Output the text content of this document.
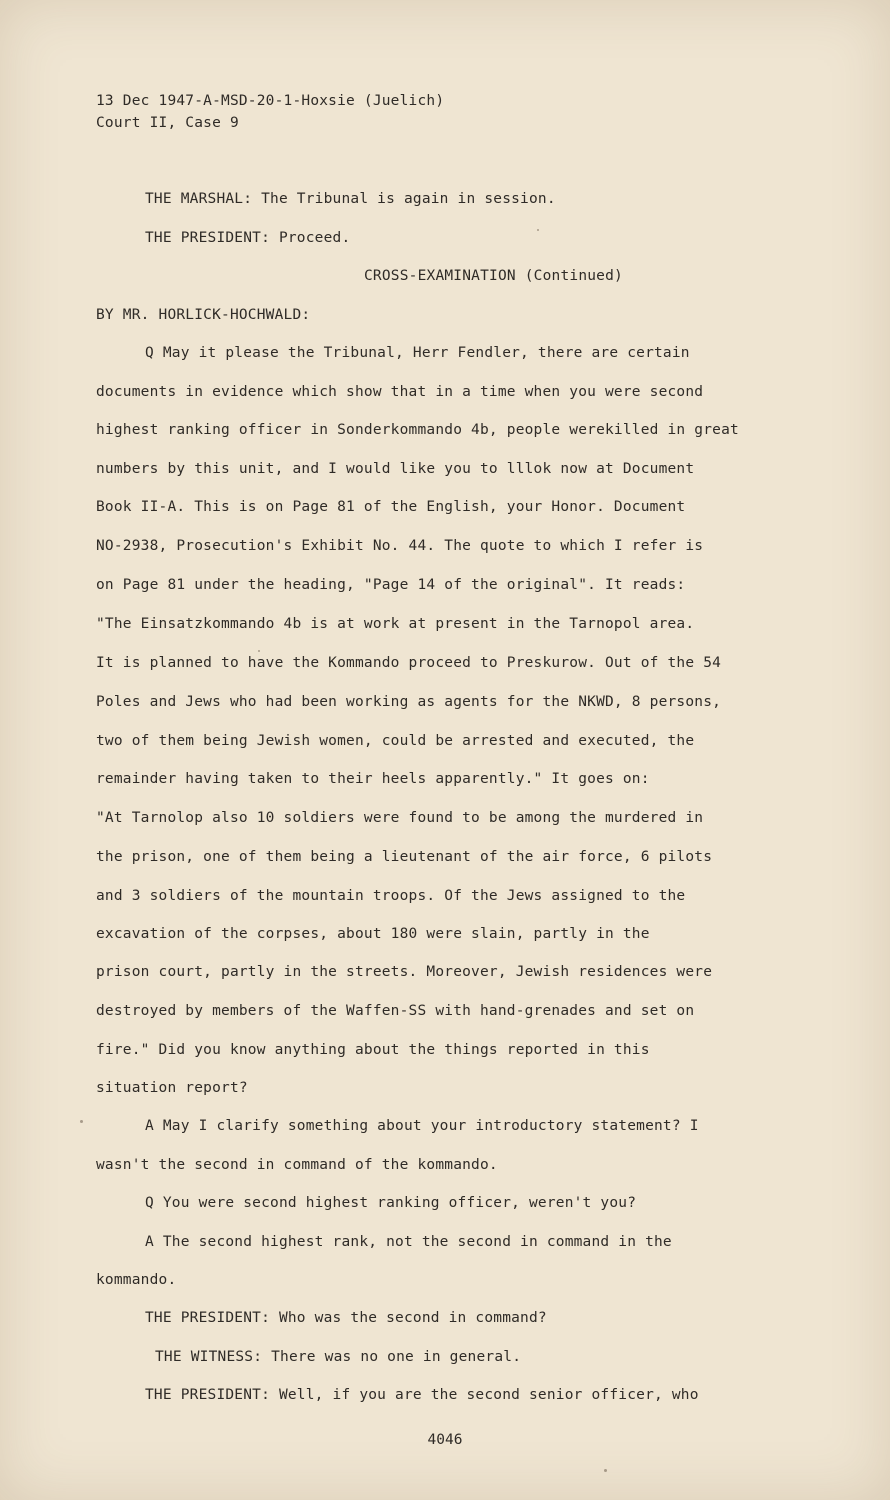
13 Dec 1947-A-MSD-20-1-Hoxsie (Juelich)
Court II, Case 9
THE MARSHAL: The Tribunal is again in session.
THE PRESIDENT: Proceed.
CROSS-EXAMINATION (Continued)
BY MR. HORLICK-HOCHWALD:
Q May it please the Tribunal, Herr Fendler, there are certain
documents in evidence which show that in a time when you were second
highest ranking officer in Sonderkommando 4b, people werekilled in great
numbers by this unit, and I would like you to lllok now at Document
Book II-A. This is on Page 81 of the English, your Honor. Document
NO-2938, Prosecution's Exhibit No. 44. The quote to which I refer is
on Page 81 under the heading, "Page 14 of the original". It reads:
"The Einsatzkommando 4b is at work at present in the Tarnopol area.
It is planned to have the Kommando proceed to Preskurow. Out of the 54
Poles and Jews who had been working as agents for the NKWD, 8 persons,
two of them being Jewish women, could be arrested and executed, the
remainder having taken to their heels apparently." It goes on:
"At Tarnolop also 10 soldiers were found to be among the murdered in
the prison, one of them being a lieutenant of the air force, 6 pilots
and 3 soldiers of the mountain troops. Of the Jews assigned to the
excavation of the corpses, about 180 were slain, partly in the
prison court, partly in the streets. Moreover, Jewish residences were
destroyed by members of the Waffen-SS with hand-grenades and set on
fire." Did you know anything about the things reported in this
situation report?
A May I clarify something about your introductory statement? I
wasn't the second in command of the kommando.
Q You were second highest ranking officer, weren't you?
A The second highest rank, not the second in command in the
kommando.
THE PRESIDENT: Who was the second in command?
THE WITNESS: There was no one in general.
THE PRESIDENT: Well, if you are the second senior officer, who
4046
